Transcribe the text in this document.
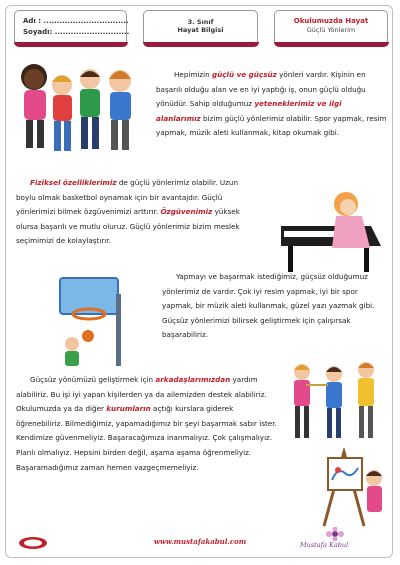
Adı : ................................
Soyadı: ............................
3. Sınıf
Hayat Bilgisi
Okulumuzda Hayat
Güçlü Yönlerim
Hepimizin güçlü ve güçsüz yönleri vardır. Kişinin en başarılı olduğu alan ve en iyi yaptığı iş, onun güçlü olduğu yönüdür. Sahip olduğumuz yeteneklerimiz ve ilgi alanlarımız bizim güçlü yönlerimiz olabilir. Spor yapmak, resim yapmak, müzik aleti kullanmak, kitap okumak gibi.
Fiziksel özelliklerimiz de güçlü yönlerimiz olabilir. Uzun boylu olmak basketbol oynamak için bir avantajdır. Güçlü yönlerimizi bilmek özgüvenimizi arttırır. Özgüvenimiz yüksek olursa başarılı ve mutlu oluruz. Güçlü yönlerimiz bizim meslek seçimimizi de kolaylaştırır.
Yapmayı ve başarmak istediğimiz, güçsüz olduğumuz yönlerimiz de vardır. Çok iyi resim yapmak, iyi bir spor yapmak, bir müzik aleti kullanmak, güzel yazı yazmak gibi. Güçsüz yönlerimizi bilirsek geliştirmek için çalışırsak başarabiliriz.
Güçsüz yönümüzü geliştirmek için arkadaşlarımızdan yardım alabiliriz. Bu işi iyi yapan kişilerden ya da ailemizden destek alabiliriz. Okulumuzda ya da diğer kurumların açtığı kurslara giderek öğrenebiliriz. Bilmediğimiz, yapamadığımız bir şeyi başarmak sabır ister. Kendimize güvenmeliyiz. Başaracağımıza inanmalıyız. Çok çalışmalıyız. Planlı olmalıyız. Hepsini birden değil, aşama aşama öğrenmeliyiz. Başaramadığımız zaman hemen vazgeçmemeliyiz.
www.mustafakabul.com	Mustafa Kabul
